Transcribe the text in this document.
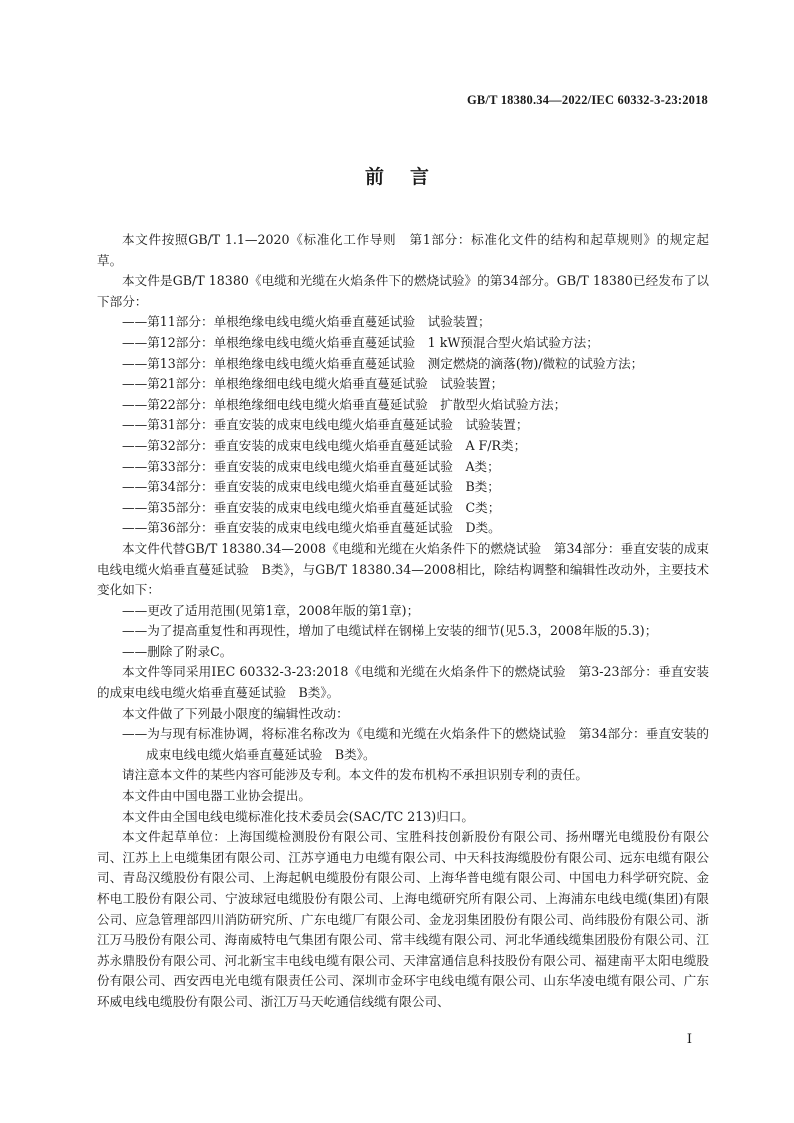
GB/T 18380.34—2022/IEC 60332-3-23:2018
前言

本文件按照GB/T 1.1—2020《标准化工作导则　第1部分：标准化文件的结构和起草规则》的规定起草。

本文件是GB/T 18380《电缆和光缆在火焰条件下的燃烧试验》的第34部分。GB/T 18380已经发布了以下部分：

——第11部分：单根绝缘电线电缆火焰垂直蔓延试验　试验装置；

——第12部分：单根绝缘电线电缆火焰垂直蔓延试验　1 kW预混合型火焰试验方法；

——第13部分：单根绝缘电线电缆火焰垂直蔓延试验　测定燃烧的滴落(物)/微粒的试验方法；

——第21部分：单根绝缘细电线电缆火焰垂直蔓延试验　试验装置；

——第22部分：单根绝缘细电线电缆火焰垂直蔓延试验　扩散型火焰试验方法；

——第31部分：垂直安装的成束电线电缆火焰垂直蔓延试验　试验装置；

——第32部分：垂直安装的成束电线电缆火焰垂直蔓延试验　A F/R类；

——第33部分：垂直安装的成束电线电缆火焰垂直蔓延试验　A类；

——第34部分：垂直安装的成束电线电缆火焰垂直蔓延试验　B类；

——第35部分：垂直安装的成束电线电缆火焰垂直蔓延试验　C类；

——第36部分：垂直安装的成束电线电缆火焰垂直蔓延试验　D类。

本文件代替GB/T 18380.34—2008《电缆和光缆在火焰条件下的燃烧试验　第34部分：垂直安装的成束电线电缆火焰垂直蔓延试验　B类》，与GB/T 18380.34—2008相比，除结构调整和编辑性改动外，主要技术变化如下：

——更改了适用范围(见第1章，2008年版的第1章)；

——为了提高重复性和再现性，增加了电缆试样在钢梯上安装的细节(见5.3，2008年版的5.3)；

——删除了附录C。

本文件等同采用IEC 60332-3-23:2018《电缆和光缆在火焰条件下的燃烧试验　第3-23部分：垂直安装的成束电线电缆火焰垂直蔓延试验　B类》。

本文件做了下列最小限度的编辑性改动：

——为与现有标准协调，将标准名称改为《电缆和光缆在火焰条件下的燃烧试验　第34部分：垂直安装的成束电线电缆火焰垂直蔓延试验　B类》。

请注意本文件的某些内容可能涉及专利。本文件的发布机构不承担识别专利的责任。

本文件由中国电器工业协会提出。

本文件由全国电线电缆标准化技术委员会(SAC/TC 213)归口。

本文件起草单位：上海国缆检测股份有限公司、宝胜科技创新股份有限公司、扬州曙光电缆股份有限公司、江苏上上电缆集团有限公司、江苏亨通电力电缆有限公司、中天科技海缆股份有限公司、远东电缆有限公司、青岛汉缆股份有限公司、上海起帆电缆股份有限公司、上海华普电缆有限公司、中国电力科学研究院、金杯电工股份有限公司、宁波球冠电缆股份有限公司、上海电缆研究所有限公司、上海浦东电线电缆(集团)有限公司、应急管理部四川消防研究所、广东电缆厂有限公司、金龙羽集团股份有限公司、尚纬股份有限公司、浙江万马股份有限公司、海南威特电气集团有限公司、常丰线缆有限公司、河北华通线缆集团股份有限公司、江苏永鼎股份有限公司、河北新宝丰电线电缆有限公司、天津富通信息科技股份有限公司、福建南平太阳电缆股份有限公司、西安西电光电缆有限责任公司、深圳市金环宇电线电缆有限公司、山东华凌电缆有限公司、广东环威电线电缆股份有限公司、浙江万马天屹通信线缆有限公司、

I
